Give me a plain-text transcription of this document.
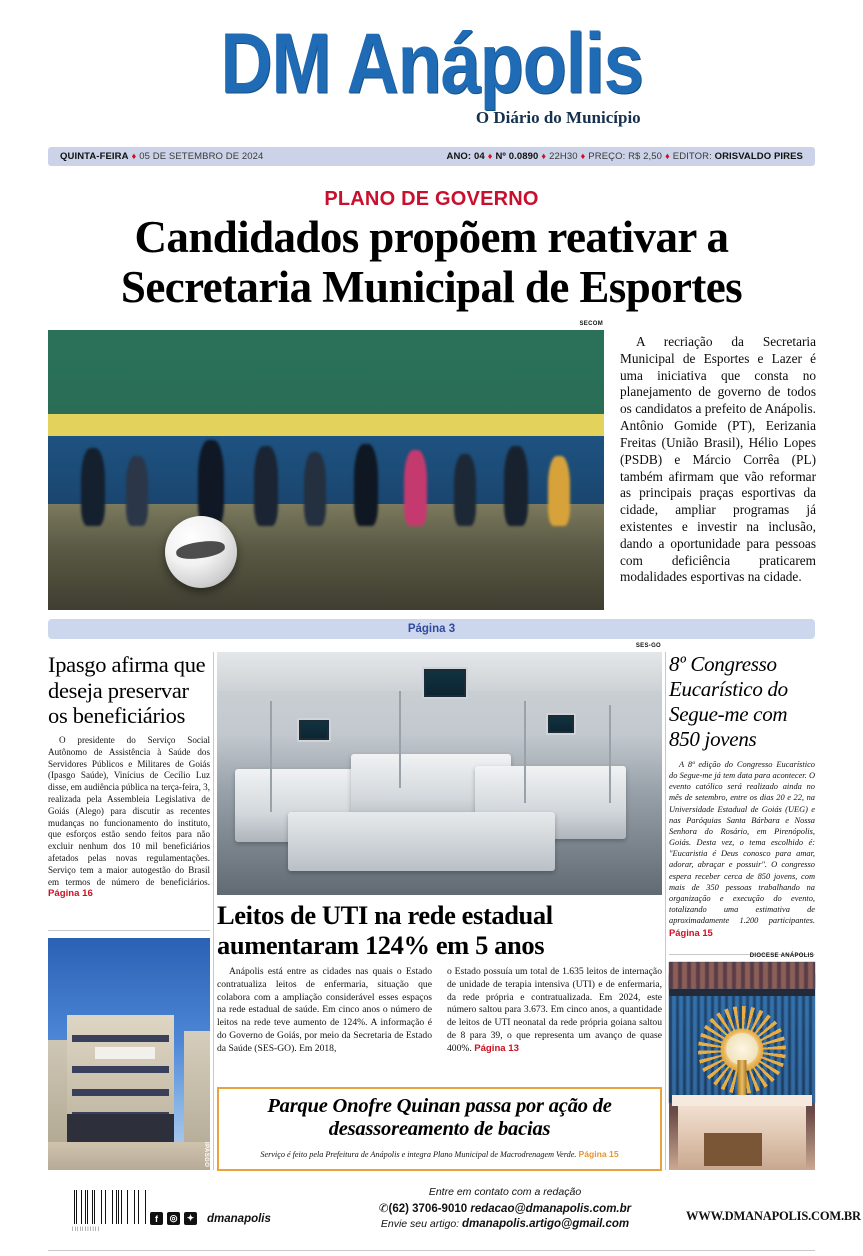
DM Anápolis
O Diário do Município
QUINTA-FEIRA ♦ 05 DE SETEMBRO DE 2024	ANO: 04 ♦ Nº 0.0890 ♦ 22H30 ♦ PREÇO: R$ 2,50 ♦ EDITOR: ORISVALDO PIRES
PLANO DE GOVERNO
Candidados propõem reativar a Secretaria Municipal de Esportes
SECOM
A recriação da Secretaria Municipal de Esportes e Lazer é uma iniciativa que consta no planejamento de governo de todos os candidatos a prefeito de Anápolis. Antônio Gomide (PT), Eerizania Freitas (União Brasil), Hélio Lopes (PSDB) e Márcio Corrêa (PL) também afirmam que vão reformar as principais praças esportivas da cidade, ampliar programas já existentes e investir na inclusão, dando a oportunidade para pessoas com deficiência praticarem modalidades esportivas na cidade.
Página 3
Ipasgo afirma que deseja preservar os beneficiários
O presidente do Serviço Social Autônomo de Assistência à Saúde dos Servidores Públicos e Militares de Goiás (Ipasgo Saúde), Vinícius de Cecílio Luz disse, em audiência pública na terça-feira, 3, realizada pela Assembleia Legislativa de Goiás (Alego) para discutir as recentes mudanças no funcionamento do instituto, que esforços estão sendo feitos para não excluir nenhum dos 10 mil beneficiários afetados pelas novas regulamentações. Serviço tem a maior autogestão do Brasil em termos de número de beneficiários. Página 16
IPASGO
SES-GO
Leitos de UTI na rede estadual aumentaram 124% em 5 anos
Anápolis está entre as cidades nas quais o Estado contratualiza leitos de enfermaria, situação que colabora com a ampliação considerável esses espaços na rede estadual de saúde. Em cinco anos o número de leitos na rede teve aumento de 124%. A informação é do Governo de Goiás, por meio da Secretaria de Estado da Saúde (SES-GO). Em 2018,
o Estado possuía um total de 1.635 leitos de internação de unidade de terapia intensiva (UTI) e de enfermaria, da rede própria e contratualizada. Em 2024, este número saltou para 3.673. Em cinco anos, a quantidade de leitos de UTI neonatal da rede própria goiana saltou de 8 para 39, o que representa um avanço de quase 400%. Página 13
Parque Onofre Quinan passa por ação de desassoreamento de bacias
Serviço é feito pela Prefeitura de Anápolis e integra Plano Municipal de Macrodrenagem Verde. Página 15
8º Congresso Eucarístico do Segue-me com 850 jovens
A 8ª edição do Congresso Eucarístico do Segue-me já tem data para acontecer. O evento católico será realizado ainda no mês de setembro, entre os dias 20 e 22, na Universidade Estadual de Goiás (UEG) e nas Paróquias Santa Bárbara e Nossa Senhora do Rosário, em Pirenópolis, Goiás. Desta vez, o tema escolhido é: "Eucaristia é Deus conosco para amar, adorar, abraçar e possuir". O congresso espera receber cerca de 850 jovens, com mais de 350 pessoas trabalhando na organização e execução do evento, totalizando uma estimativa de aproximadamente 1.200 participantes. Página 15
DIOCESE ANÁPOLIS
|||||||||||
f	◎	✦ dmanapolis
Entre em contato com a redação
✆(62) 3706-9010 redacao@dmanapolis.com.br
Envie seu artigo: dmanapolis.artigo@gmail.com
WWW.DMANAPOLIS.COM.BR
